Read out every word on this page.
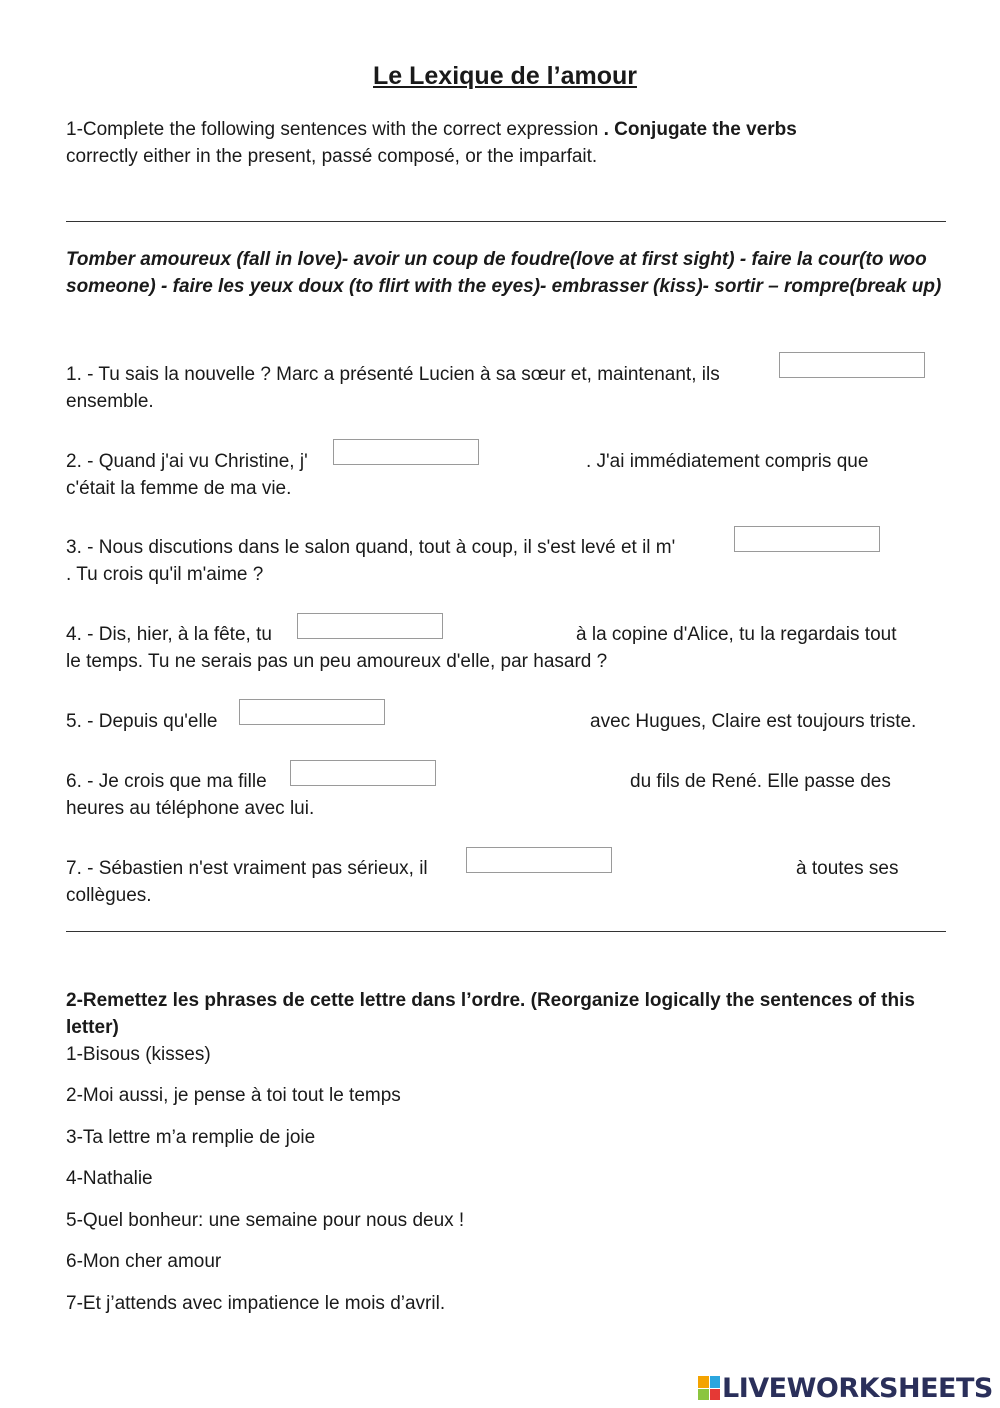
Le Lexique de l’amour
1-Complete the following sentences with the correct expression . Conjugate the verbs
correctly either in the present, passé composé, or the imparfait.
Tomber amoureux (fall in love)- avoir un coup de foudre(love at first sight) - faire la cour(to woo someone) - faire les yeux doux (to flirt with the eyes)- embrasser (kiss)- sortir – rompre(break up)
1. - Tu sais la nouvelle ? Marc a présenté Lucien à sa sœur et, maintenant, ils
ensemble.
2. - Quand j'ai vu Christine, j'	. J'ai immédiatement compris que
c'était la femme de ma vie.
3. - Nous discutions dans le salon quand, tout à coup, il s'est levé et il m'
. Tu crois qu'il m'aime ?
4. - Dis, hier, à la fête, tu	à la copine d'Alice, tu la regardais tout
le temps. Tu ne serais pas un peu amoureux d'elle, par hasard ?
5. - Depuis qu'elle	avec Hugues, Claire est toujours triste.
6. - Je crois que ma fille	du fils de René. Elle passe des
heures au téléphone avec lui.
7. - Sébastien n'est vraiment pas sérieux, il	à toutes ses
collègues.
2-Remettez les phrases de cette lettre dans l’ordre. (Reorganize logically the sentences of this letter)
1-Bisous (kisses)
2-Moi aussi, je pense à toi tout le temps
3-Ta lettre m’a remplie de joie
4-Nathalie
5-Quel bonheur: une semaine pour nous deux !
6-Mon cher amour
7-Et j’attends avec impatience le mois d’avril.
LIVEWORKSHEETS
